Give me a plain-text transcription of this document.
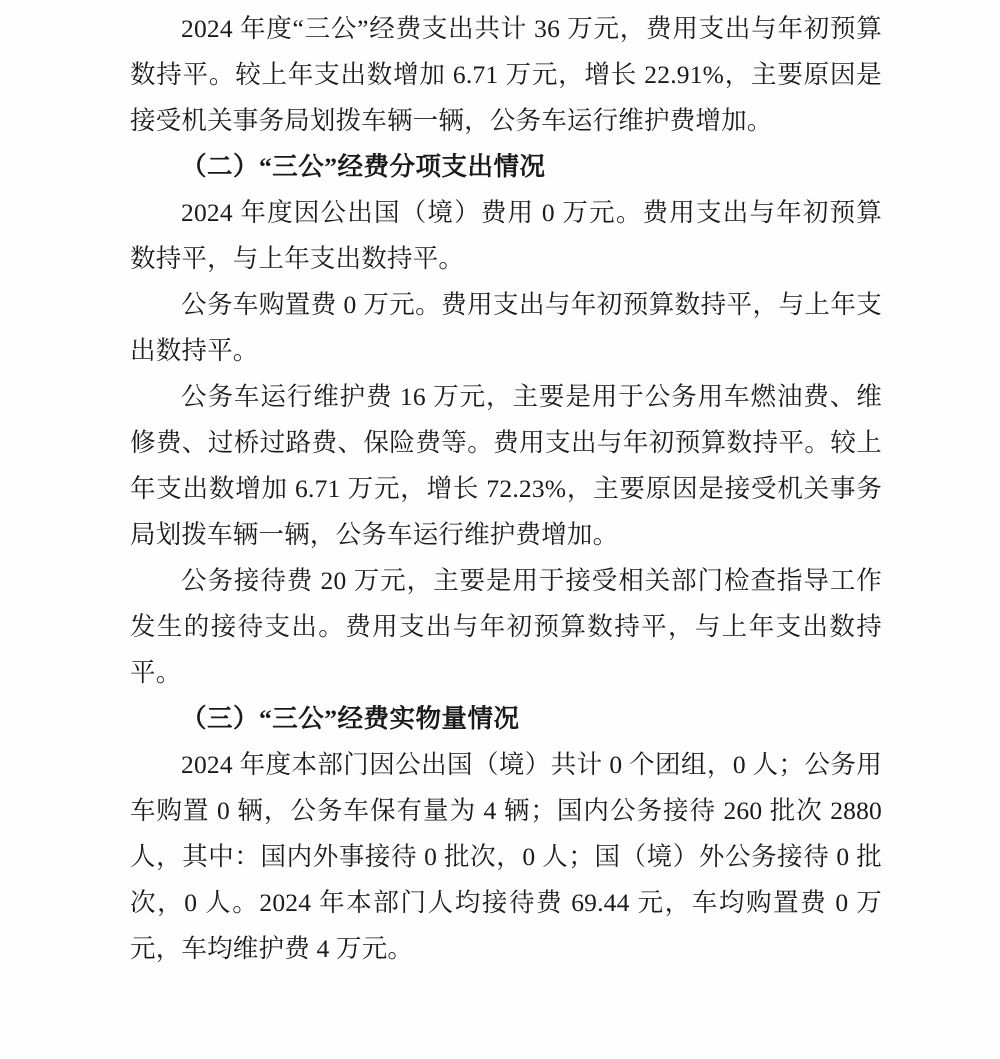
2024 年度“三公”经费支出共计 36 万元，费用支出与年初预算数持平。较上年支出数增加 6.71 万元，增长 22.91%，主要原因是接受机关事务局划拨车辆一辆，公务车运行维护费增加。

（二）“三公”经费分项支出情况

2024 年度因公出国（境）费用 0 万元。费用支出与年初预算数持平，与上年支出数持平。

公务车购置费 0 万元。费用支出与年初预算数持平，与上年支出数持平。

公务车运行维护费 16 万元，主要是用于公务用车燃油费、维修费、过桥过路费、保险费等。费用支出与年初预算数持平。较上年支出数增加 6.71 万元，增长 72.23%，主要原因是接受机关事务局划拨车辆一辆，公务车运行维护费增加。

公务接待费 20 万元，主要是用于接受相关部门检查指导工作发生的接待支出。费用支出与年初预算数持平，与上年支出数持平。

（三）“三公”经费实物量情况

2024 年度本部门因公出国（境）共计 0 个团组，0 人；公务用车购置 0 辆，公务车保有量为 4 辆；国内公务接待 260 批次 2880 人，其中：国内外事接待 0 批次，0 人；国（境）外公务接待 0 批次，0 人。2024 年本部门人均接待费 69.44 元，车均购置费 0 万元，车均维护费 4 万元。
